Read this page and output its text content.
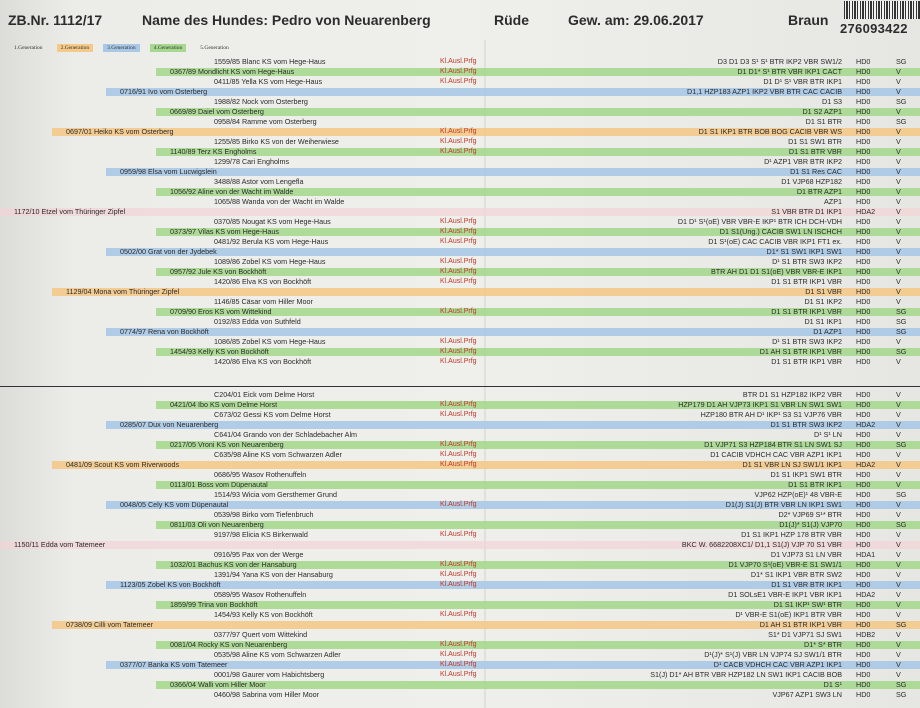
ZB.Nr. 1112/17	Name des Hundes: Pedro von Neuarenberg	Rüde	Gew. am: 29.06.2017	Braun
276093422
1.Generation	2.Generation	3.Generation	4.Generation	5.Generation
1559/85 Blanc KS vom Hege-Haus	Kl.Ausl.Prfg	D3 D1 D3 S¹ S¹ BTR IKP2 VBR SW1/2 HD0	SG
0367/89 Mondlicht KS vom Hege-Haus	Kl.Ausl.Prfg	D1 D1* S¹ BTR VBR IKP1 CACT HD0	V
0411/85 Yella KS vom Hege-Haus	Kl.Ausl.Prfg	D1 D¹ S¹ VBR BTR IKP1 HD0	V
0716/91 Ivo vom Osterberg	D1,1 HZP183 AZP1 IKP2 VBR BTR CAC CACIB HD0	V
1988/82 Nock vom Osterberg	D1 S3 HD0	SG
0669/89 Daiel vom Osterberg	D1 S2 AZP1 HD0	V
0958/84 Ramme vom Osterberg	D1 S1 BTR HD0	SG
0697/01 Heiko KS vom Osterberg	Kl.Ausl.Prfg	D1 S1 IKP1 BTR BOB BOG CACIB VBR WS HD0	V
1255/85 Birko KS von der Weiherwiese	Kl.Ausl.Prfg	D1 S1 SW1 BTR HD0	V
1140/89 Terz KS Engholms	Kl.Ausl.Prfg	D1 S1 BTR VBR HD0	V
1299/78 Cari Engholms	D¹ AZP1 VBR BTR IKP2 HD0	V
0959/98 Elsa vom Lucwigslein	D1 S1 Res CAC HD0	V
3488/88 Astor vom Lengefla	D1 VJP68 HZP182 HD0	V
1056/92 Aline von der Wacht im Walde	D1 BTR AZP1 HD0	V
1065/88 Wanda von der Wacht im Walde	AZP1 HD0	V
1172/10 Etzel vom Thüringer Zipfel	S1 VBR BTR D1 IKP1 HDA2	V
0370/85 Nougat KS vom Hege-Haus	Kl.Ausl.Prfg	D1 D¹ S¹(oE) VBR VBR-E IKP¹ BTR ICH DCH-VDH HD0	V
0373/97 Vilas KS vom Hege-Haus	Kl.Ausl.Prfg	D1 S1(Ung.) CACIB SW1 LN ISCHCH HD0	V
0481/92 Berula KS vom Hege-Haus	Kl.Ausl.Prfg	D1 S¹(oE) CAC CACIB VBR IKP1 FT1 ex. HD0	V
0502/00 Grat von der Jydebek	D1* S1 SW1 IKP1 SW1 HD0	V
1089/86 Zobel KS vom Hege-Haus	Kl.Ausl.Prfg	D¹ S1 BTR SW3 IKP2 HD0	V
0957/92 Jule KS von Bockhöft	Kl.Ausl.Prfg	BTR AH D1 D1 S1(oE) VBR VBR-E IKP1 HD0	V
1420/86 Elva KS von Bockhöft	Kl.Ausl.Prfg	D1 S1 BTR IKP1 VBR HD0	V
1129/04 Mona vom Thüringer Zipfel	D1 S1 VBR HD0	V
1146/85 Cäsar vom Hiller Moor	D1 S1 IKP2 HD0	V
0709/90 Eros KS vom Wittekind	Kl.Ausl.Prfg	D1 S1 BTR IKP1 VBR HD0	SG
0192/83 Edda von Suthfeld	D1 S1 IKP1 HD0	SG
0774/97 Rena von Bockhöft	D1 AZP1 HD0	SG
1086/85 Zobel KS vom Hege-Haus	Kl.Ausl.Prfg	D¹ S1 BTR SW3 IKP2 HD0	V
1454/93 Kelly KS von Bockhöft	Kl.Ausl.Prfg	D1 AH S1 BTR IKP1 VBR HD0	SG
1420/86 Elva KS von Bockhöft	Kl.Ausl.Prfg	D1 S1 BTR IKP1 VBR HD0	V
C204/01 Eick vom Delme Horst	BTR D1 S1 HZP182 IKP2 VBR HD0	V
0421/04 Ibo KS vom Delme Horst	Kl.Ausl.Prfg	HZP179 D1 AH VJP73 IKP1 S1 VBR LN SW1 SW1 HD0	V
C673/02 Gessi KS vom Delme Horst	Kl.Ausl.Prfg	HZP180 BTR AH D¹ IKP¹ S3 S1 VJP76 VBR HD0	V
0285/07 Dux von Neuarenberg	D1 S1 BTR SW3 IKP2 HDA2	V
C641/04 Grando von der Schladebacher Alm	D¹ S¹ LN HD0	V
0217/05 Vroni KS von Neuarenberg	Kl.Ausl.Prfg	D1 VJP71 S3 HZP184 BTR S1 LN SW1 SJ HD0	SG
C635/98 Aline KS vom Schwarzen Adler	Kl.Ausl.Prfg	D1 CACIB VDHCH CAC VBR AZP1 IKP1 HD0	V
0481/09 Scout KS vom Riverwoods	Kl.Ausl.Prfg	D1 S1 VBR LN SJ SW1/1 IKP1 HDA2	V
0686/95 Wasov Rothenuffeln	D1 S1 IKP1 SW1 BTR HD0	V
0113/01 Boss vom Düpenautal	D1 S1 BTR IKP1 HD0	V
1514/93 Wicia vom Gersthemer Grund	VJP62 HZP(oE)¹ 48 VBR-E HD0	SG
0048/05 Cely KS vom Düpenautal	Kl.Ausl.Prfg	D1(J) S1(J) BTR VBR LN IKP1 SW1 HD0	V
0539/98 Birko vom Tiefenbruch	D2* VJP69 S¹* BTR HD0	V
0811/03 Oli von Neuarenberg	D1(J)* S1(J) VJP70 HD0	SG
9197/98 Elicia KS Birkenwald	Kl.Ausl.Prfg	D1 S1 IKP1 HZP 178 BTR VBR HD0	V
1150/11 Edda vom Tatemeer	BKC W. 6682208XC1/ D1,1 S1(J) VJP 70 S1 VBR HD0	V
0916/95 Pax von der Werge	D1 VJP73 S1 LN VBR HDA1	V
1032/01 Bachus KS von der Hansaburg	Kl.Ausl.Prfg	D1 VJP70 S¹(oE) VBR-E S1 SW1/1 HD0	V
1391/94 Yana KS von der Hansaburg	Kl.Ausl.Prfg	D1* S1 IKP1 VBR BTR SW2 HD0	V
1123/05 Zobel KS von Bockhöft	Kl.Ausl.Prfg	D1 S1 VBR BTR IKP1 HD0	V
0589/95 Wasov Rothenuffeln	D1 SOLsE1 VBR-E IKP1 VBR IKP1 HDA2	V
1859/99 Trina von Bockhöft	D1 S1 IKP¹ SW¹ BTR HD0	V
1454/93 Kelly KS von Bockhöft	Kl.Ausl.Prfg	D¹ VBR-E S1(oE) IKP1 BTR VBR HD0	V
0738/09 Cilli vom Tatemeer	D1 AH S1 BTR IKP1 VBR HD0	SG
0377/97 Quert vom Wittekind	S1* D1 VJP71 SJ SW1 HDB2	V
0081/04 Rocky KS von Neuarenberg	Kl.Ausl.Prfg	D1* S* BTR HD0	V
0535/98 Aline KS vom Schwarzen Adler	Kl.Ausl.Prfg	D¹(J)* S¹(J) VBR LN VJP74 SJ SW1/1 BTR HD0	V
0377/07 Banka KS vom Tatemeer	Kl.Ausl.Prfg	D¹ CACB VDHCH CAC VBR AZP1 IKP1 HD0	V
0001/98 Gaurer vom Habichtsberg	Kl.Ausl.Prfg	S1(J) D1* AH BTR VBR HZP182 LN SW1 IKP1 CACIB BOB HD0	V
0366/04 Walli vom Hiller Moor	D1 S¹ HD0	SG
0460/98 Sabrina vom Hiller Moor	VJP67 AZP1 SW3 LN HD0	SG
